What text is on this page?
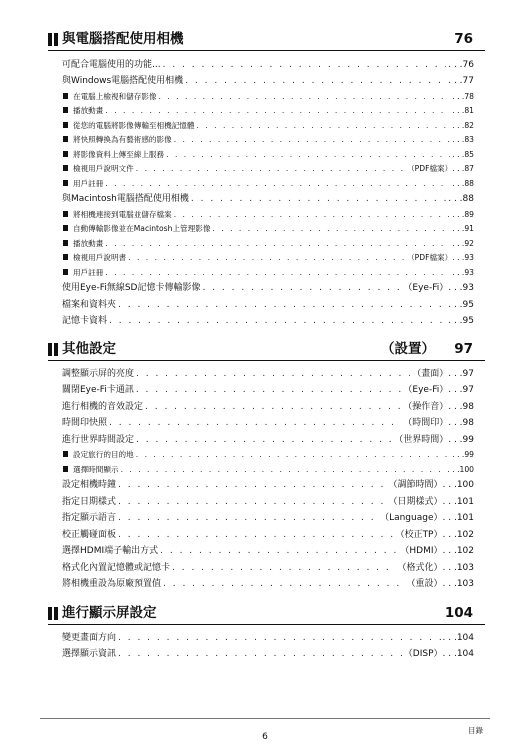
與電腦搭配使用相機	76
可配合電腦使用的功能... . . .	. . . 76
與Windows電腦搭配使用相機 . . .	. . . 77
在電腦上檢視和儲存影像 . . .	. . . 78
播放動畫 . . .	. . . 81
從您的電腦將影像傳輸至相機記憶體 . . .	. . . 82
將快照轉換為有藝術感的影像 . . .	. . . 83
將影像資料上傳至線上服務 . . .	. . . 85
檢視用戶說明文件 . . .	（PDF檔案） . . . 87
用戶註冊 . . .	. . . 88
與Macintosh電腦搭配使用相機 . . .	. . . 88
將相機連接到電腦並儲存檔案 . . .	. . . 89
自動傳輸影像並在Macintosh上管理影像 . . .	. . . 91
播放動畫 . . .	. . . 92
檢視用戶說明書 . . .	（PDF檔案） . . . 93
用戶註冊 . . .	. . . 93
使用Eye-Fi無線SD記憶卡傳輸影像 . . .	（Eye-Fi） . . . 93
檔案和資料夾 . . .	. . . 95
記憶卡資料 . . .	. . . 95
其他設定	（設置） 97
調整顯示屏的亮度 . . .	（畫面） . . . 97
關閉Eye-Fi卡通訊 . . .	（Eye-Fi） . . . 97
進行相機的音效設定 . . .	（操作音） . . . 98
時間印快照 . . .	（時間印） . . . 98
進行世界時間設定 . . .	（世界時間） . . . 99
設定旅行的目的地 . . .	. . . 99
選擇時間顯示 . . .	. . . 100
設定相機時鐘 . . .	（調節時間） . . . 100
指定日期樣式 . . .	（日期樣式） . . . 101
指定顯示語言 . . .	（Language） . . . 101
校正觸碰面板 . . .	（校正TP） . . . 102
選擇HDMI端子輸出方式 . . .	（HDMI） . . . 102
格式化內置記憶體或記憶卡 . . .	（格式化） . . . 103
將相機重設為原廠預置值 . . .	（重設） . . . 103
進行顯示屏設定	104
變更畫面方向 . . .	. . . 104
選擇顯示資訊 . . .	（DISP） . . . 104
6
目錄
